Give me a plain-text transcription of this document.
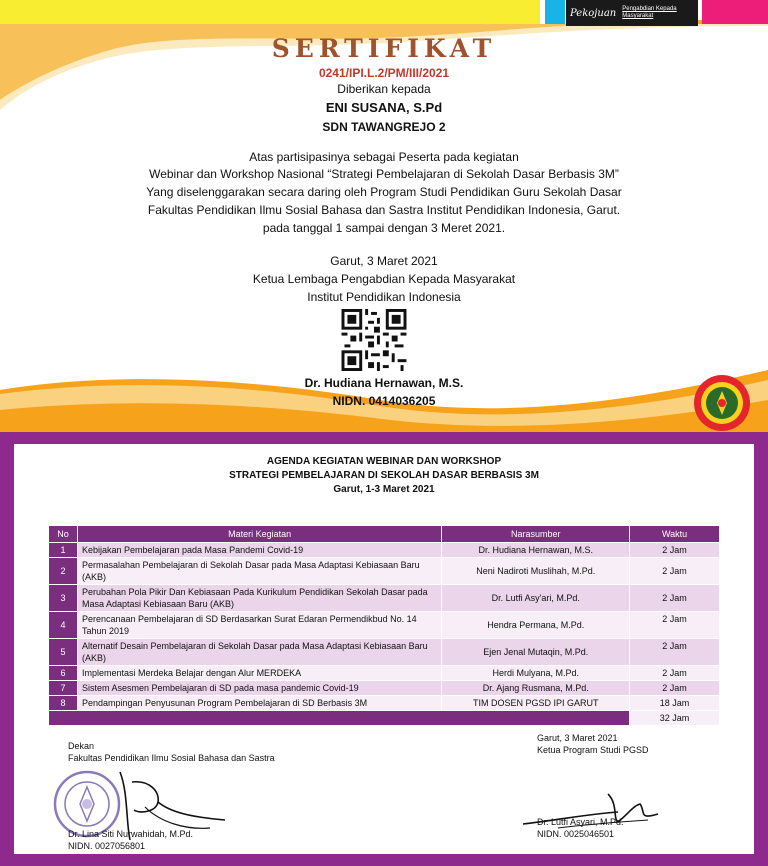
Pekojuan Pengabdian Kepada Masyarakat
SERTIFIKAT
0241/IPI.L.2/PM/III/2021
Diberikan kepada
ENI SUSANA, S.Pd
SDN TAWANGREJO 2
Atas partisipasinya sebagai Peserta pada kegiatan
Webinar dan Workshop Nasional “Strategi Pembelajaran di Sekolah Dasar Berbasis 3M”
Yang diselenggarakan secara daring oleh Program Studi Pendidikan Guru Sekolah Dasar
Fakultas Pendidikan Ilmu Sosial Bahasa dan Sastra Institut Pendidikan Indonesia, Garut.
pada tanggal 1 sampai dengan 3 Meret 2021.
Garut, 3 Maret 2021
Ketua Lembaga Pengabdian Kepada Masyarakat
Institut Pendidikan Indonesia
Dr. Hudiana Hernawan, M.S.
NIDN. 0414036205
AGENDA KEGIATAN WEBINAR DAN WORKSHOP
STRATEGI PEMBELAJARAN DI SEKOLAH DASAR BERBASIS 3M
Garut, 1-3 Maret 2021
No	Materi Kegiatan	Narasumber	Waktu
1	Kebijakan Pembelajaran pada Masa Pandemi Covid-19	Dr. Hudiana Hernawan, M.S.	2 Jam
2	Permasalahan Pembelajaran di Sekolah Dasar pada Masa Adaptasi Kebiasaan Baru (AKB)	Neni Nadiroti Muslihah, M.Pd.	2 Jam
3	Perubahan Pola Pikir Dan Kebiasaan Pada Kurikulum Pendidikan Sekolah Dasar pada Masa Adaptasi Kebiasaan Baru (AKB)	Dr. Lutfi Asy'ari, M.Pd.	2 Jam
4	Perencanaan Pembelajaran di SD Berdasarkan Surat Edaran Permendikbud No. 14 Tahun 2019	Hendra Permana, M.Pd.	2 Jam
5	Alternatif Desain Pembelajaran di Sekolah Dasar pada Masa Adaptasi Kebiasaan Baru (AKB)	Ejen Jenal Mutaqin, M.Pd.	2 Jam
6	Implementasi Merdeka Belajar dengan Alur MERDEKA	Herdi Mulyana, M.Pd.	2 Jam
7	Sistem Asesmen Pembelajaran di SD pada masa pandemic Covid-19	Dr. Ajang Rusmana, M.Pd.	2 Jam
8	Pendampingan Penyusunan Program Pembelajaran di SD Berbasis 3M	TIM DOSEN PGSD IPI GARUT	18 Jam
			32 Jam
Dekan
Fakultas Pendidikan Ilmu Sosial Bahasa dan Sastra
Dr. Lina Siti Nurwahidah, M.Pd.
NIDN. 0027056801
Garut, 3 Maret 2021
Ketua Program Studi PGSD
Dr. Lutfi Asyari, M.Pd.
NIDN. 0025046501
